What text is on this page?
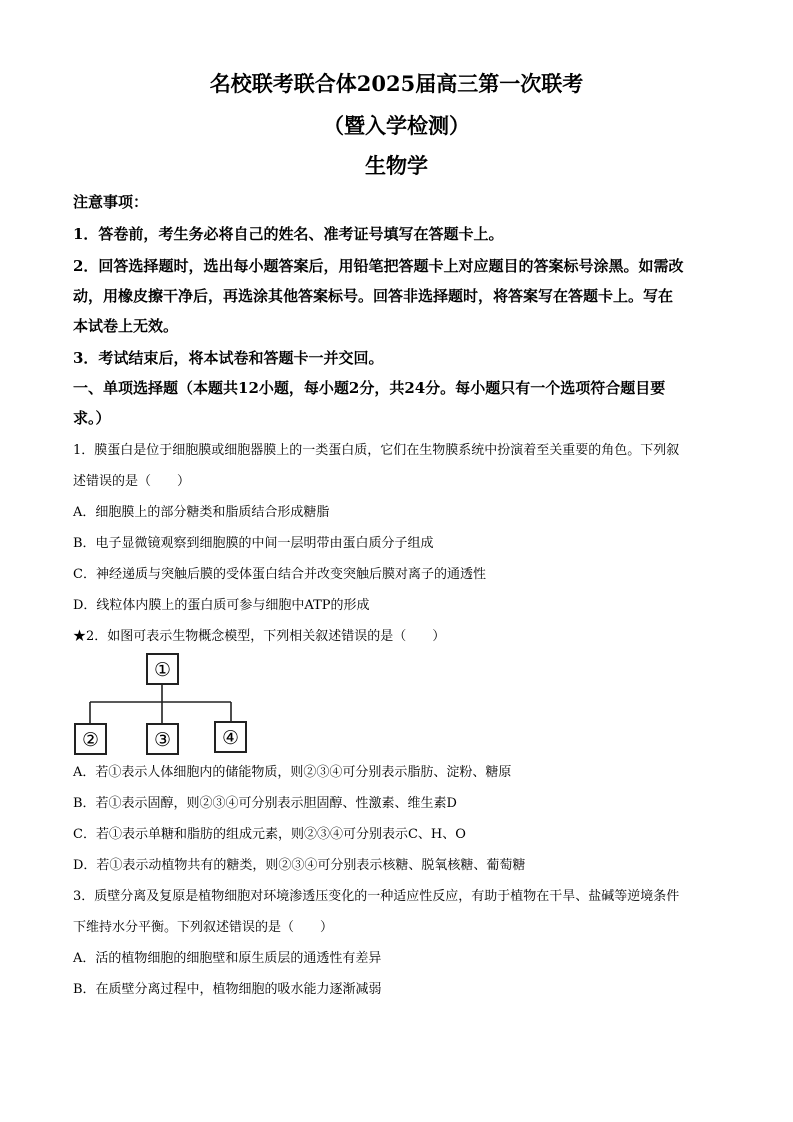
名校联考联合体2025届高三第一次联考
（暨入学检测）
生物学
注意事项：
1．答卷前，考生务必将自己的姓名、准考证号填写在答题卡上。
2．回答选择题时，选出每小题答案后，用铅笔把答题卡上对应题目的答案标号涂黑。如需改
动，用橡皮擦干净后，再选涂其他答案标号。回答非选择题时，将答案写在答题卡上。写在
本试卷上无效。
3．考试结束后，将本试卷和答题卡一并交回。
一、单项选择题（本题共12小题，每小题2分，共24分。每小题只有一个选项符合题目要
求。）
1．膜蛋白是位于细胞膜或细胞器膜上的一类蛋白质，它们在生物膜系统中扮演着至关重要的角色。下列叙
述错误的是（　　）
A．细胞膜上的部分糖类和脂质结合形成糖脂
B．电子显微镜观察到细胞膜的中间一层明带由蛋白质分子组成
C．神经递质与突触后膜的受体蛋白结合并改变突触后膜对离子的通透性
D．线粒体内膜上的蛋白质可参与细胞中ATP的形成
★2．如图可表示生物概念模型，下列相关叙述错误的是（　　）
①
②	③	④
A．若①表示人体细胞内的储能物质，则②③④可分别表示脂肪、淀粉、糖原
B．若①表示固醇，则②③④可分别表示胆固醇、性激素、维生素D
C．若①表示单糖和脂肪的组成元素，则②③④可分别表示C、H、O
D．若①表示动植物共有的糖类，则②③④可分别表示核糖、脱氧核糖、葡萄糖
3．质壁分离及复原是植物细胞对环境渗透压变化的一种适应性反应，有助于植物在干旱、盐碱等逆境条件
下维持水分平衡。下列叙述错误的是（　　）
A．活的植物细胞的细胞壁和原生质层的通透性有差异
B．在质壁分离过程中，植物细胞的吸水能力逐渐减弱
